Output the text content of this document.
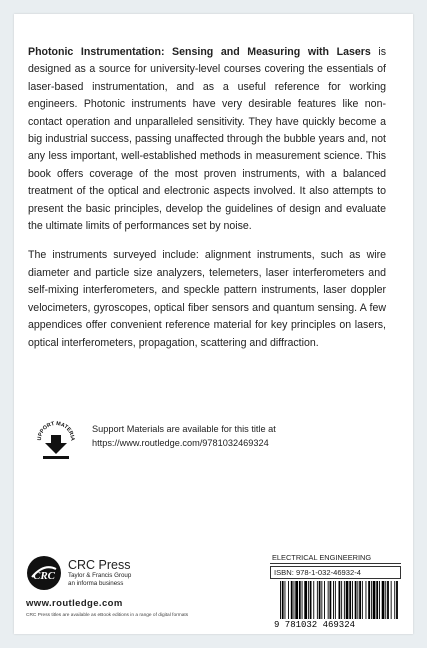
Photonic Instrumentation: Sensing and Measuring with Lasers is designed as a source for university-level courses covering the essentials of laser-based instrumentation, and as a useful reference for working engineers. Photonic instruments have very desirable features like non-contact operation and unparalleled sensitivity. They have quickly become a big industrial success, passing unaffected through the bubble years and, not any less important, well-established methods in measurement science. This book offers coverage of the most proven instruments, with a balanced treatment of the optical and electronic aspects involved. It also attempts to present the basic principles, develop the guidelines of design and evaluate the ultimate limits of performances set by noise.

The instruments surveyed include: alignment instruments, such as wire diameter and particle size analyzers, telemeters, laser interferometers and self-mixing interferometers, and speckle pattern instruments, laser doppler velocimeters, gyroscopes, optical fiber sensors and quantum sensing. A few appendices offer convenient reference material for key principles on lasers, optical interferometers, propagation, scattering and diffraction.

UPPORT MATERIA
Support Materials are available for this title at
https://www.routledge.com/9781032469324
CRC
CRC Press
Taylor & Francis Group
an informa business
www.routledge.com
CRC Press titles are available as eBook editions in a range of digital formats
ELECTRICAL ENGINEERING
ISBN: 978-1-032-46932-4
9 781032 469324
